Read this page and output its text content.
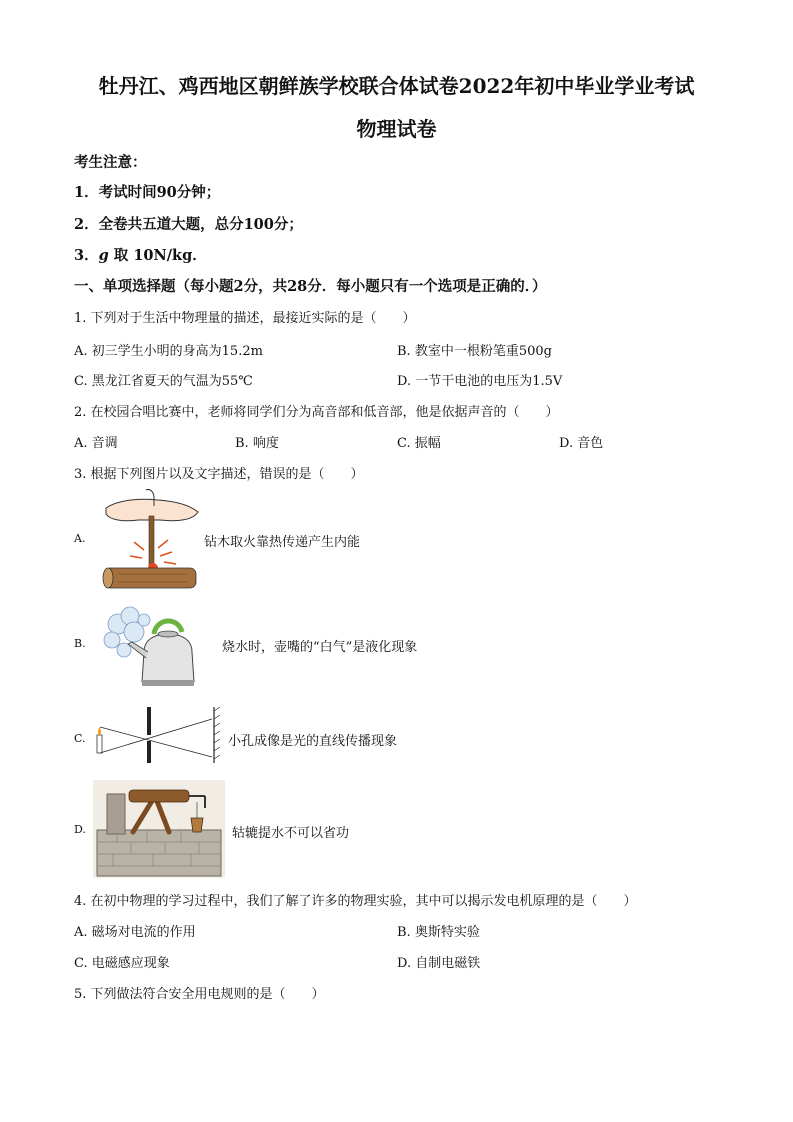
牡丹江、鸡西地区朝鲜族学校联合体试卷2022年初中毕业学业考试
物理试卷
考生注意：
1．考试时间90分钟；
2．全卷共五道大题，总分100分；
3．g 取 10N/kg．
一、单项选择题（每小题2分，共28分．每小题只有一个选项是正确的．）
1. 下列对于生活中物理量的描述，最接近实际的是（　　）
A. 初三学生小明的身高为15.2m	B. 教室中一根粉笔重500g
C. 黑龙江省夏天的气温为55℃	D. 一节干电池的电压为1.5V
2. 在校园合唱比赛中，老师将同学们分为高音部和低音部，他是依据声音的（　　）
A. 音调	B. 响度	C. 振幅	D. 音色
3. 根据下列图片以及文字描述，错误的是（　　）
A.	钻木取火靠热传递产生内能
B.	烧水时，壶嘴的“白气”是液化现象
C.	小孔成像是光的直线传播现象
D.	轱辘提水不可以省功
4. 在初中物理的学习过程中，我们了解了许多的物理实验，其中可以揭示发电机原理的是（　　）
A. 磁场对电流的作用	B. 奥斯特实验
C. 电磁感应现象	D. 自制电磁铁
5. 下列做法符合安全用电规则的是（　　）
